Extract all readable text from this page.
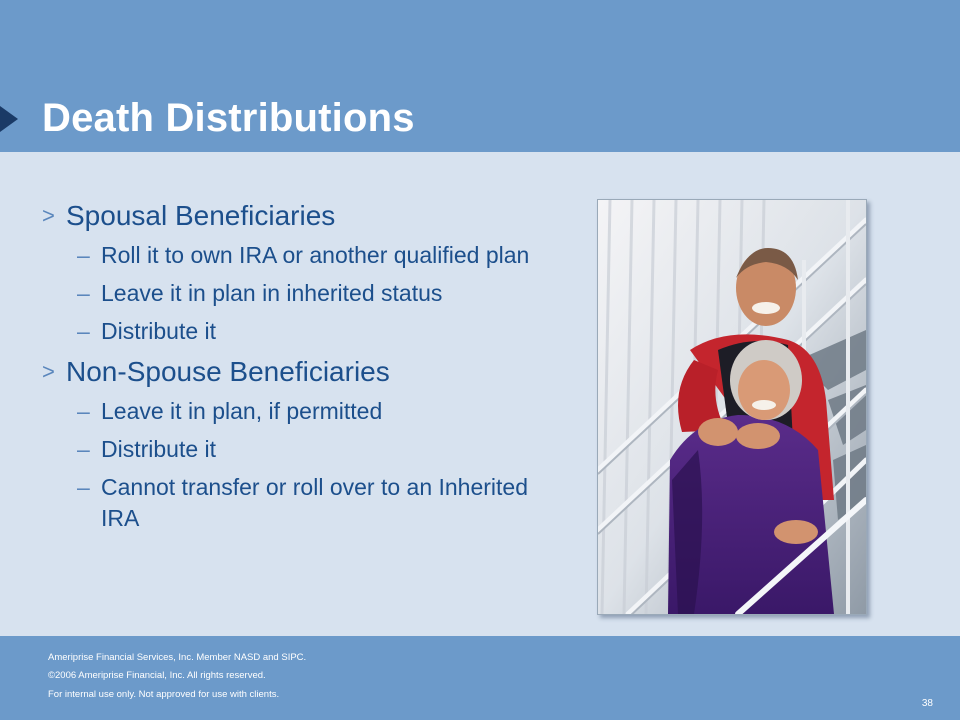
Death Distributions
> Spousal Beneficiaries
– Roll it to own IRA or another qualified plan
– Leave it in plan in inherited status
– Distribute it
> Non-Spouse Beneficiaries
– Leave it in plan, if permitted
– Distribute it
– Cannot transfer or roll over to an Inherited IRA
Ameriprise Financial Services, Inc. Member NASD and SIPC.
©2006 Ameriprise Financial, Inc. All rights reserved.
For internal use only. Not approved for use with clients.
38
